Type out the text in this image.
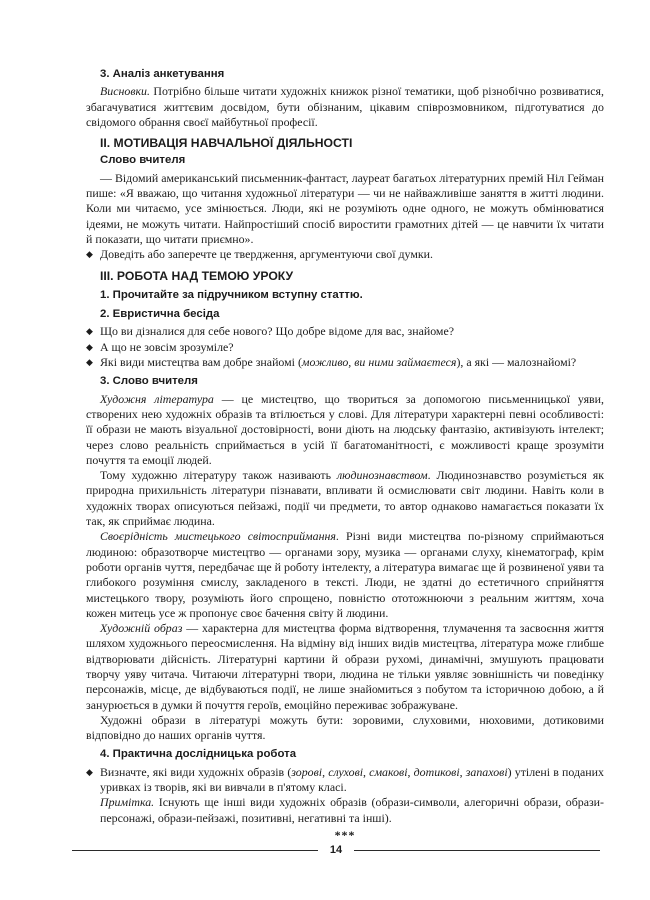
3. Аналіз анкетування

Висновки. Потрібно більше читати художніх книжок різної тематики, щоб різнобічно розвиватися, збагачуватися життєвим досвідом, бути обізнаним, цікавим співрозмовником, підготуватися до свідомого обрання своєї майбутньої професії.

ІІ. МОТИВАЦІЯ НАВЧАЛЬНОЇ ДІЯЛЬНОСТІ
Слово вчителя

— Відомий американський письменник-фантаст, лауреат багатьох літературних премій Ніл Гейман пише: «Я вважаю, що читання художньої літератури — чи не найважливіше заняття в житті людини. Коли ми читаємо, усе змінюється. Люди, які не розуміють одне одного, не можуть обмінюватися ідеями, не можуть читати. Найпростіший спосіб виростити грамотних дітей — це навчити їх читати й показати, що читати приємно».

◆ Доведіть або заперечте це твердження, аргументуючи свої думки.

ІІІ. РОБОТА НАД ТЕМОЮ УРОКУ
1. Прочитайте за підручником вступну статтю.
2. Евристична бесіда

◆ Що ви дізналися для себе нового? Що добре відоме для вас, знайоме?

◆ А що не зовсім зрозуміле?

◆ Які види мистецтва вам добре знайомі (можливо, ви ними займаєтеся), а які — малознайомі?

3. Слово вчителя

Художня література — це мистецтво, що твориться за допомогою письменницької уяви, створених нею художніх образів та втілюється у слові. Для літератури характерні певні особливості: її образи не мають візуальної достовірності, вони діють на людську фантазію, активізують інтелект; через слово реальність сприймається в усій її багатоманітності, є можливості краще зрозуміти почуття та емоції людей.

Тому художню літературу також називають людинознавством. Людинознавство розуміється як природна прихильність літератури пізнавати, впливати й осмислювати світ людини. Навіть коли в художніх творах описуються пейзажі, події чи предмети, то автор однаково намагається показати їх так, як сприймає людина.

Своєрідність мистецького світосприймання. Різні види мистецтва по-різному сприймаються людиною: образотворче мистецтво — органами зору, музика — органами слуху, кінематограф, крім роботи органів чуття, передбачає ще й роботу інтелекту, а література вимагає ще й розвиненої уяви та глибокого розуміння смислу, закладеного в тексті. Люди, не здатні до естетичного сприйняття мистецького твору, розуміють його спрощено, повністю ототожнюючи з реальним життям, хоча кожен митець усе ж пропонує своє бачення світу й людини.

Художній образ — характерна для мистецтва форма відтворення, тлумачення та засвоєння життя шляхом художнього переосмислення. На відміну від інших видів мистецтва, література може глибше відтворювати дійсність. Літературні картини й образи рухомі, динамічні, змушують працювати творчу уяву читача. Читаючи літературні твори, людина не тільки уявляє зовнішність чи поведінку персонажів, місце, де відбуваються події, не лише знайомиться з побутом та історичною добою, а й занурюється в думки й почуття героїв, емоційно переживає зображуване.

Художні образи в літературі можуть бути: зоровими, слуховими, нюховими, дотиковими відповідно до наших органів чуття.

4. Практична дослідницька робота

◆ Визначте, які види художніх образів (зорові, слухові, смакові, дотикові, запахові) утілені в поданих уривках із творів, які ви вивчали в п'ятому класі.

Примітка. Існують ще інші види художніх образів (образи-символи, алегоричні образи, образи-персонажі, образи-пейзажі, позитивні, негативні та інші).

***
14
